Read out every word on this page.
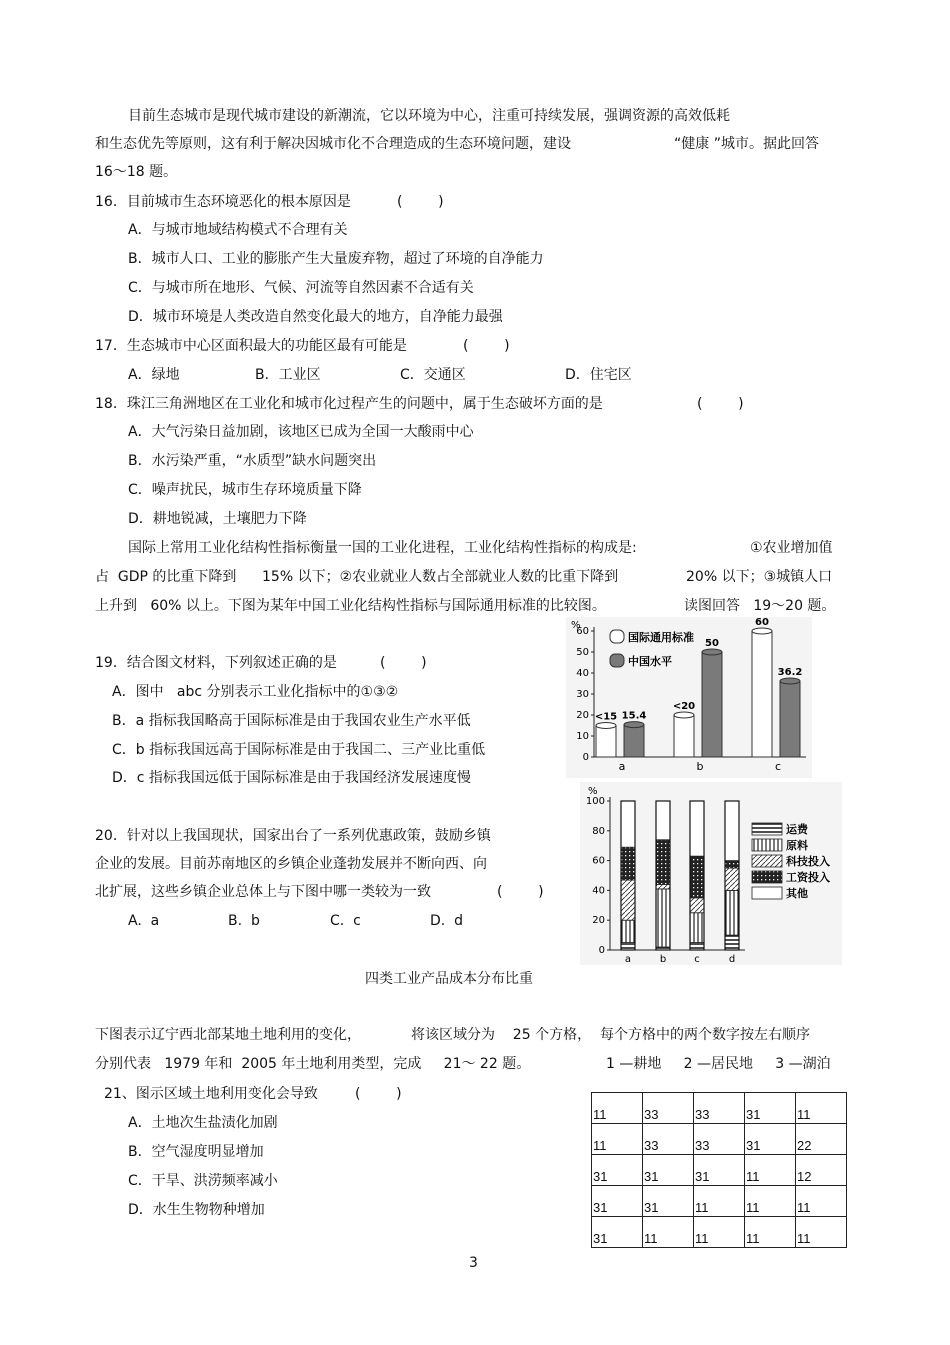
目前生态城市是现代城市建设的新潮流，它以环境为中心，注重可持续发展，强调资源的高效低耗
和生态优先等原则，这有利于解决因城市化不合理造成的生态环境问题，建设	“健康 ”城市。据此回答
16～18 题。
16．目前城市生态环境恶化的根本原因是	(        )
A．与城市地域结构模式不合理有关
B．城市人口、工业的膨胀产生大量废弃物，超过了环境的自净能力
C．与城市所在地形、气候、河流等自然因素不合适有关
D．城市环境是人类改造自然变化最大的地方，自净能力最强
17．生态城市中心区面积最大的功能区最有可能是	(        )
A．绿地	B．工业区	C．交通区	D．住宅区
18．珠江三角洲地区在工业化和城市化过程产生的问题中，属于生态破坏方面的是	(        )
A．大气污染日益加剧，该地区已成为全国一大酸雨中心
B．水污染严重，“水质型”缺水问题突出
C．噪声扰民，城市生存环境质量下降
D．耕地锐减，土壤肥力下降
国际上常用工业化结构性指标衡量一国的工业化进程，工业化结构性指标的构成是:	①农业增加值
占  GDP 的比重下降到 15% 以下；②农业就业人数占全部就业人数的比重下降到	20% 以下；③城镇人口
上升到   60% 以上。下图为某年中国工业化结构性指标与国际通用标准的比较图。	读图回答   19～20 题。
19．结合图文材料，下列叙述正确的是	(        )
A．图中   abc 分别表示工业化指标中的①③②
B．a 指标我国略高于国际标准是由于我国农业生产水平低
C．b 指标我国远高于国际标准是由于我国二、三产业比重低
D．c 指标我国远低于国际标准是由于我国经济发展速度慢
0
10
20
30
40
50
60
<15 15.4
a
<20
50
b
60
36.2
c
国际通用标准
中国水平
%
0
20
40
60
80
100
a	b	c	d
运费
原料
科技投入
工资投入
其他
%
20．针对以上我国现状，国家出台了一系列优惠政策，鼓励乡镇
企业的发展。目前苏南地区的乡镇企业蓬勃发展并不断向西、向
北扩展，这些乡镇企业总体上与下图中哪一类较为一致	(        )
A.  a	B.  b	C.  c	D.  d
四类工业产品成本分布比重
下图表示辽宁西北部某地土地利用的变化，	将该区域分为    25 个方格，  每个方格中的两个数字按左右顺序
分别代表   1979 年和  2005 年土地利用类型，完成     21～ 22 题。	1 —耕地     2 —居民地     3 —湖泊
21、图示区域土地利用变化会导致	(        )
A．土地次生盐渍化加剧
B．空气湿度明显增加
C．干旱、洪涝频率减小
D．水生生物物种增加
11	33	33	31	11
11	33	33	31	22
31	31	31	11	12
31	31	11	11	11
31	11	11	11	11
3
